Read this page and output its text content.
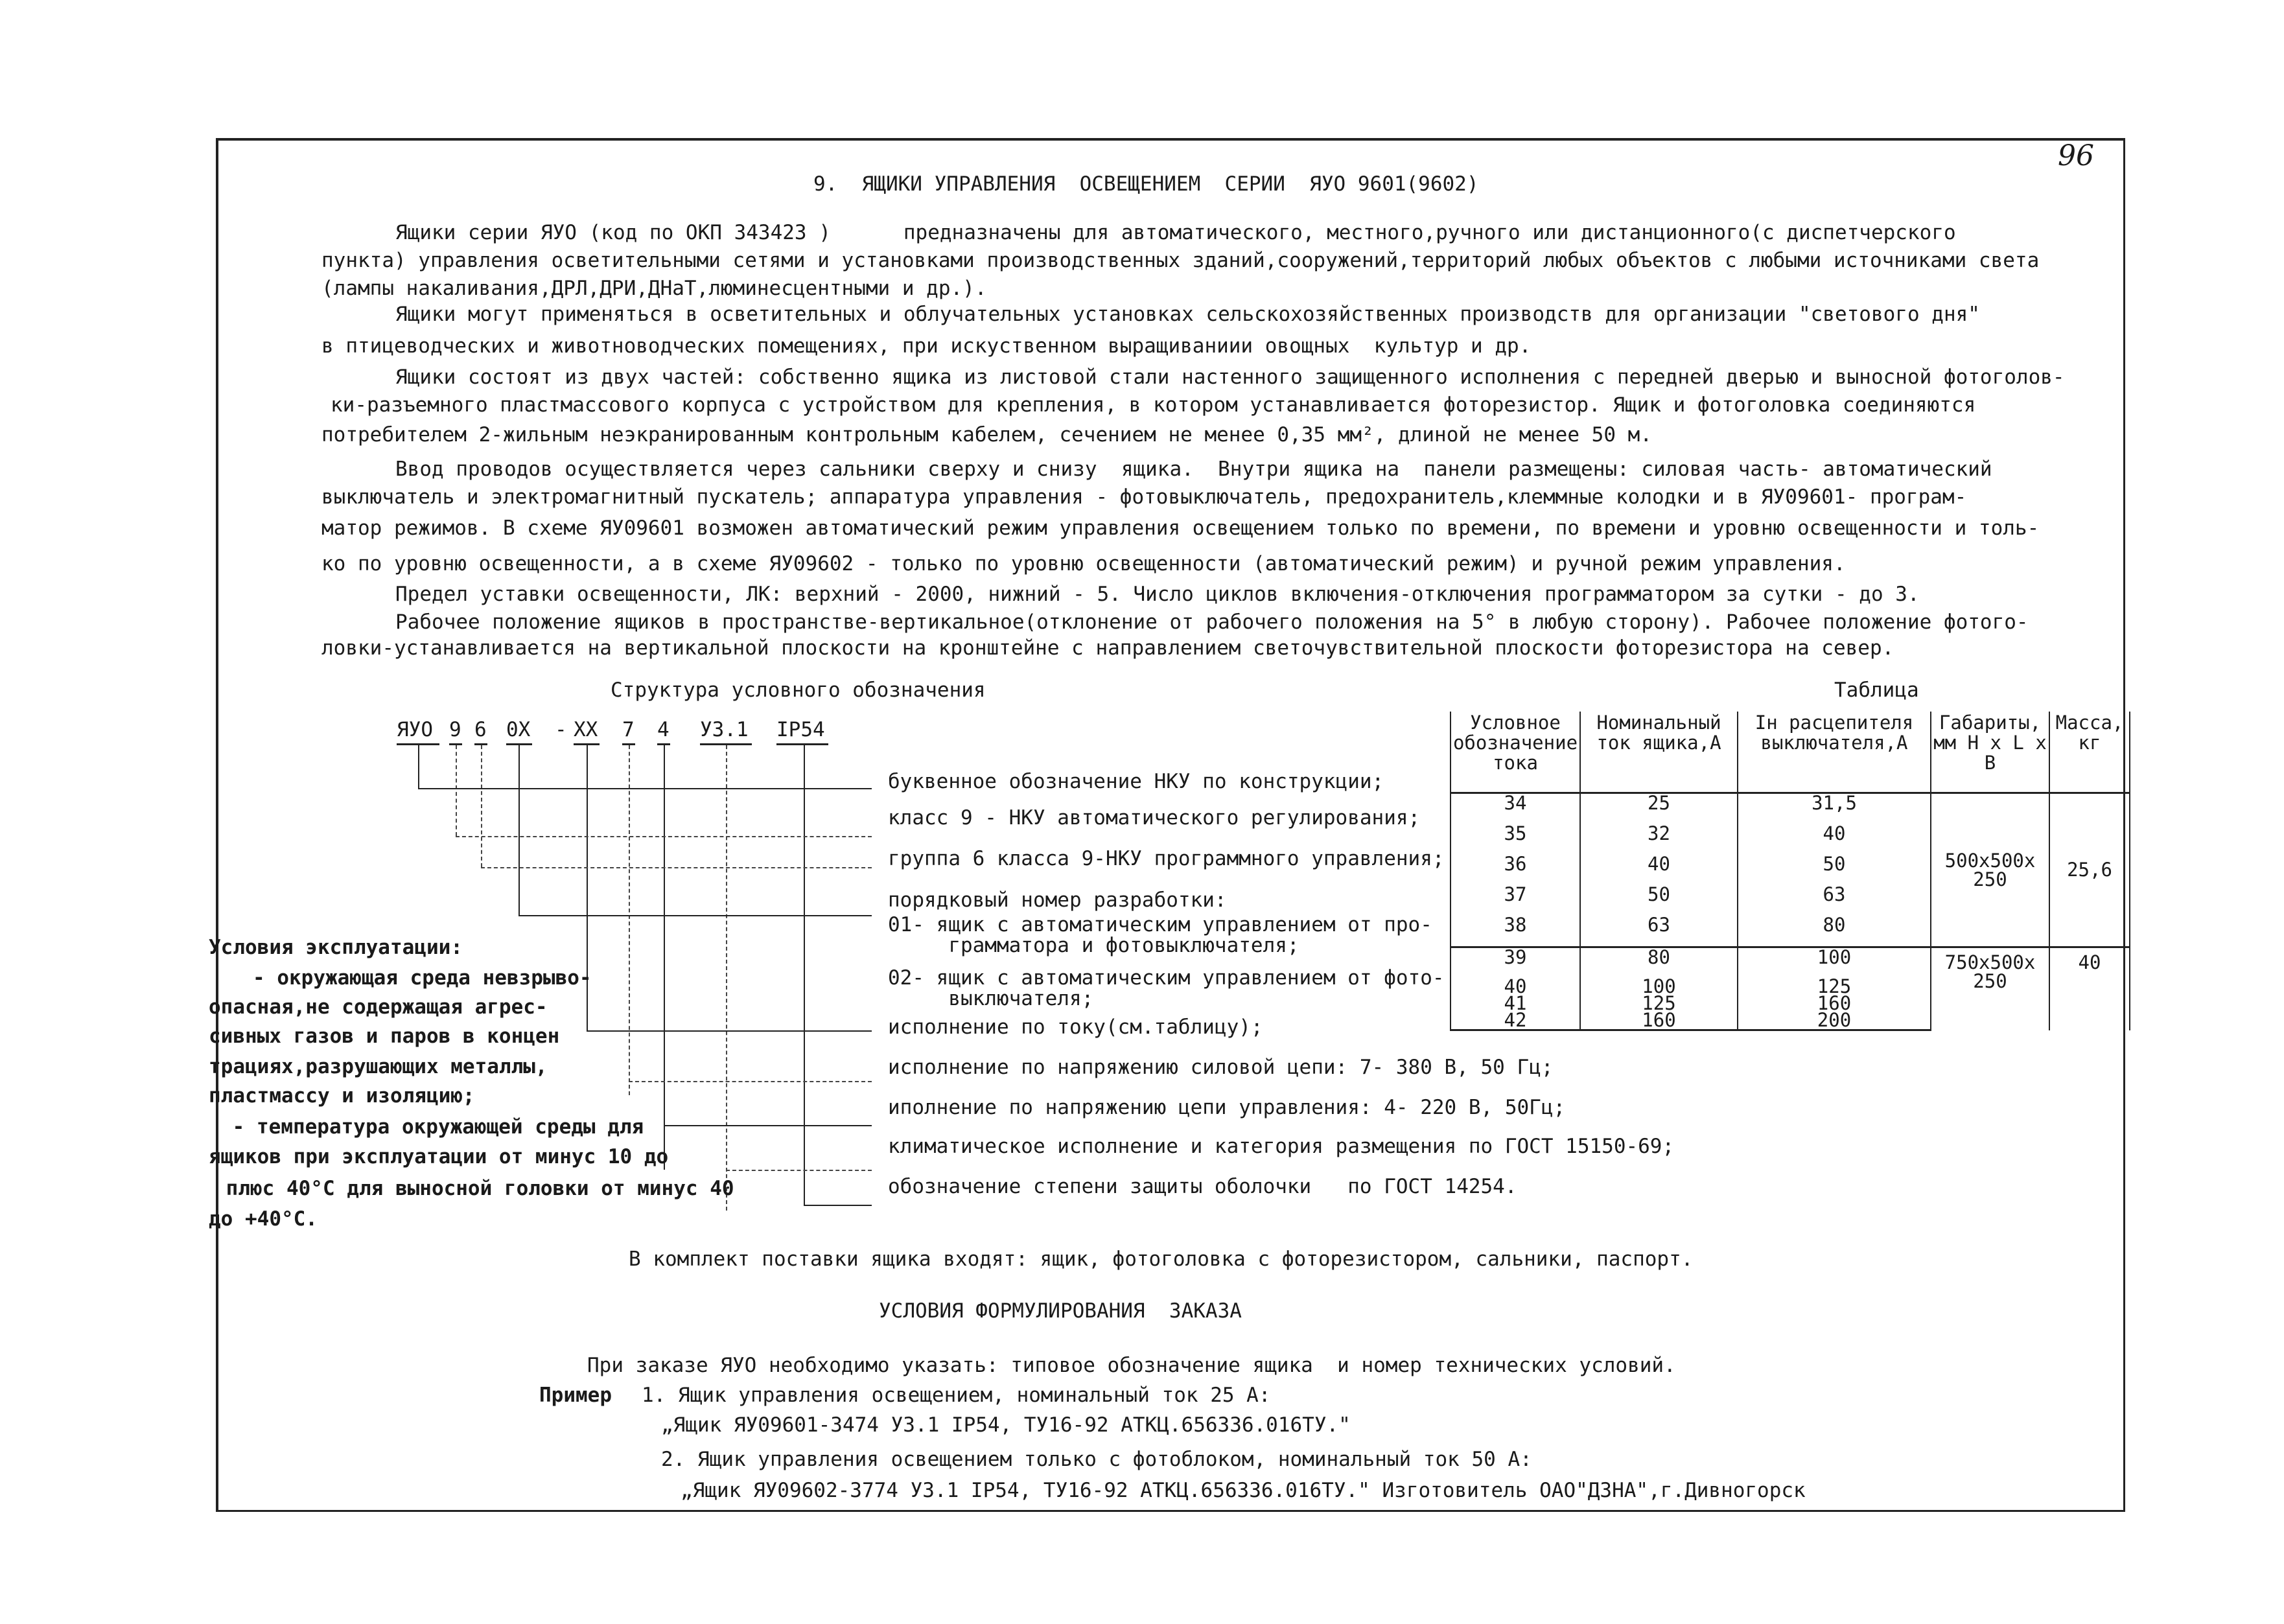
96
9.  ЯЩИКИ УПРАВЛЕНИЯ  ОСВЕЩЕНИЕМ  СЕРИИ  ЯУО 9601(9602)
Ящики серии ЯУО (код по ОКП 343423 )      предназначены для автоматического, местного,ручного или дистанционного(с диспетчерского
пункта) управления осветительными сетями и установками производственных зданий,сооружений,территорий любых объектов с любыми источниками света
(лампы накаливания,ДРЛ,ДРИ,ДНаТ,люминесцентными и др.).
Ящики могут применяться в осветительных и облучательных установках сельскохозяйственных производств для организации "светового дня"
в птицеводческих и животноводческих помещениях, при искуственном выращиваниии овощных  культур и др.
Ящики состоят из двух частей: собственно ящика из листовой стали настенного защищенного исполнения с передней дверью и выносной фотоголов-
ки-разъемного пластмассового корпуса с устройством для крепления, в котором устанавливается фоторезистор. Ящик и фотоголовка соединяются
потребителем 2-жильным неэкранированным контрольным кабелем, сечением не менее 0,35 мм², длиной не менее 50 м.
Ввод проводов осуществляется через сальники сверху и снизу  ящика.  Внутри ящика на  панели размещены: силовая часть- автоматический
выключатель и электромагнитный пускатель; аппаратура управления - фотовыключатель, предохранитель,клеммные колодки и в ЯУ09601- програм-
матор режимов. В схеме ЯУ09601 возможен автоматический режим управления освещением только по времени, по времени и уровню освещенности и толь-
ко по уровню освещенности, а в схеме ЯУ09602 - только по уровню освещенности (автоматический режим) и ручной режим управления.
Предел уставки освещенности, ЛК: верхний - 2000, нижний - 5. Число циклов включения-отключения программатором за сутки - до 3.
Рабочее положение ящиков в пространстве-вертикальное(отклонение от рабочего положения на 5° в любую сторону). Рабочее положение фотого-
ловки-устанавливается на вертикальной плоскости на кронштейне с направлением светочувствительной плоскости фоторезистора на север.
Структура условного обозначения	Таблица
ЯУО 9 6 0Х - ХХ 7 4 У3.1 IP54
буквенное обозначение НКУ по конструкции;
класс 9 - НКУ автоматического регулирования;
группа 6 класса 9-НКУ программного управления;
порядковый номер разработки:
01- ящик с автоматическим управлением от про-
грамматора и фотовыключателя;
02- ящик с автоматическим управлением от фото-
выключателя;
исполнение по току(см.таблицу);
исполнение по напряжению силовой цепи: 7- 380 В, 50 Гц;
иполнение по напряжению цепи управления: 4- 220 В, 50Гц;
климатическое исполнение и категория размещения по ГОСТ 15150-69;
обозначение степени защиты оболочки   по ГОСТ 14254.
Условия эксплуатации:
- окружающая среда невзрыво-
опасная,не содержащая агрес-
сивных газов и паров в концен
трациях,разрушающих металлы,
пластмассу и изоляцию;
- температура окружающей среды для
ящиков при эксплуатации от минус 10 до
плюс 40°С для выносной головки от минус 40
до +40°С.
Условное обозначение тока	Номинальный ток ящика,А	Iн расцепителя выключателя,А	Габариты, мм Н х L х В	Масса, кг
34	25	31,5	500х500х 250	25,6
35	32	40		
36	40	50		
37	50	63		
38	63	80		
39	80	100	750х500х 250	40
40	100	125		
41	125	160		
42	160	200		
В комплект поставки ящика входят: ящик, фотоголовка с фоторезистором, сальники, паспорт.
УСЛОВИЯ ФОРМУЛИРОВАНИЯ  ЗАКАЗА
При заказе ЯУО необходимо указать: типовое обозначение ящика  и номер технических условий.
Пример 1. Ящик управления освещением, номинальный ток 25 А:
„Ящик ЯУ09601-3474 У3.1 IP54, ТУ16-92 АТКЦ.656336.016ТУ."
2. Ящик управления освещением только с фотоблоком, номинальный ток 50 А:
„Ящик ЯУ09602-3774 У3.1 IP54, ТУ16-92 АТКЦ.656336.016ТУ." Изготовитель ОАО"ДЗНА",г.Дивногорск
